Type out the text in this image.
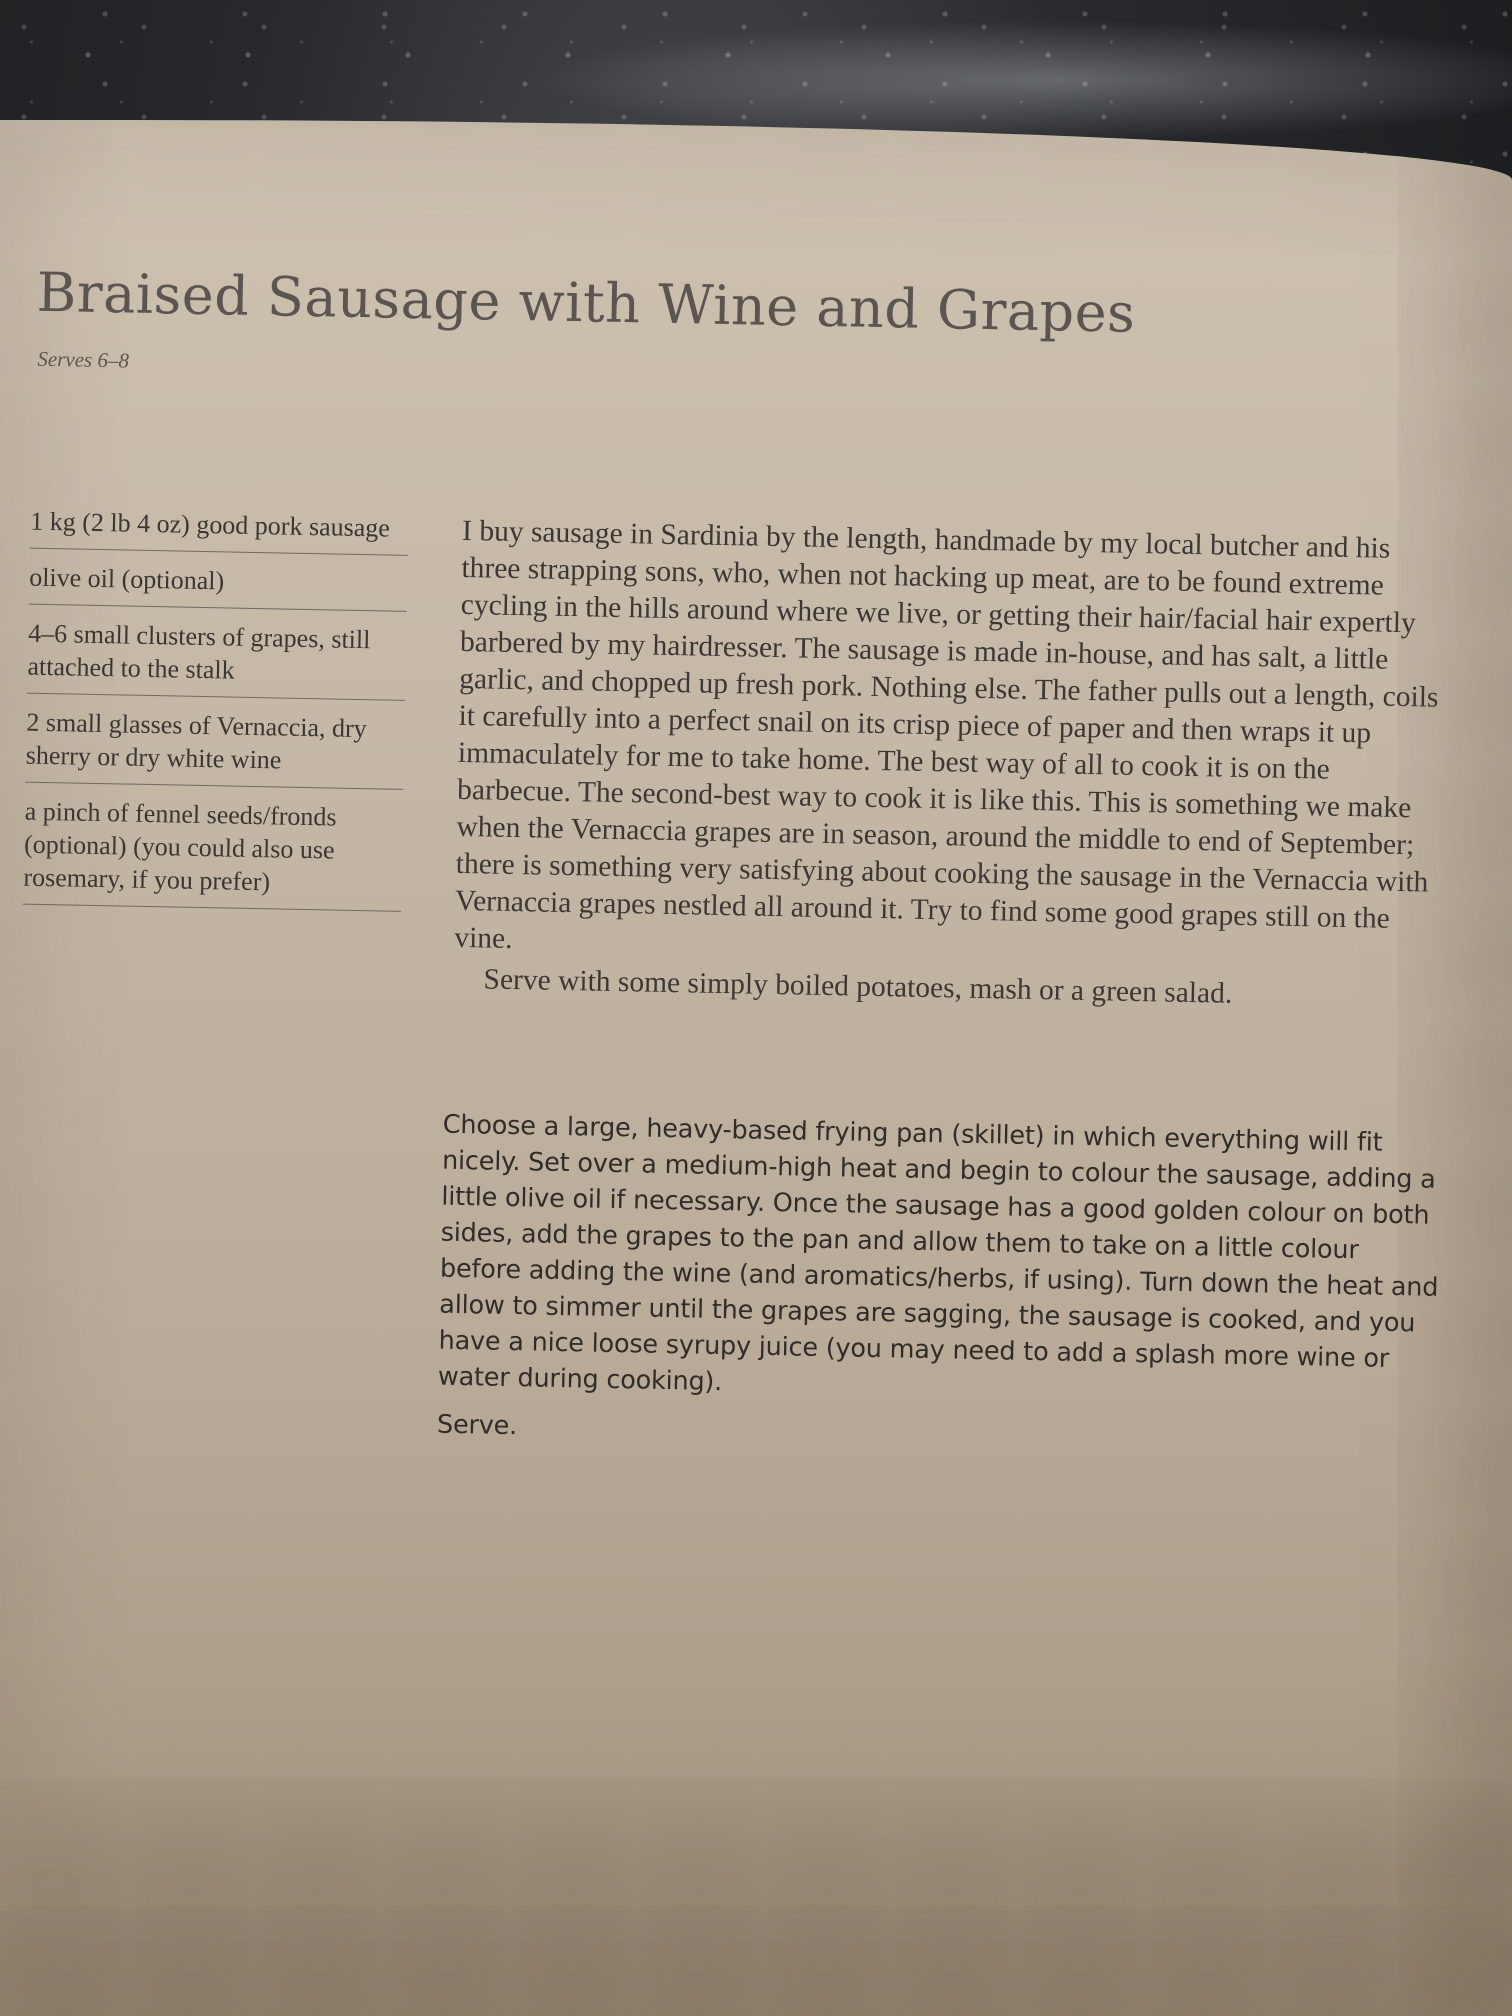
Braised Sausage with Wine and Grapes
Serves 6–8
1 kg (2 lb 4 oz) good pork sausage
olive oil (optional)
4–6 small clusters of grapes, still attached to the stalk
2 small glasses of Vernaccia, dry sherry or dry white wine
a pinch of fennel seeds/fronds (optional) (you could also use rosemary, if you prefer)

I buy sausage in Sardinia by the length, handmade by my local butcher and his three strapping sons, who, when not hacking up meat, are to be found extreme cycling in the hills around where we live, or getting their hair/facial hair expertly barbered by my hairdresser. The sausage is made in-house, and has salt, a little garlic, and chopped up fresh pork. Nothing else. The father pulls out a length, coils it carefully into a perfect snail on its crisp piece of paper and then wraps it up immaculately for me to take home. The best way of all to cook it is on the barbecue. The second-best way to cook it is like this. This is something we make when the Vernaccia grapes are in season, around the middle to end of September; there is something very satisfying about cooking the sausage in the Vernaccia with Vernaccia grapes nestled all around it. Try to find some good grapes still on the vine.

Serve with some simply boiled potatoes, mash or a green salad.

Choose a large, heavy-based frying pan (skillet) in which everything will fit nicely. Set over a medium-high heat and begin to colour the sausage, adding a little olive oil if necessary. Once the sausage has a good golden colour on both sides, add the grapes to the pan and allow them to take on a little colour before adding the wine (and aromatics/herbs, if using). Turn down the heat and allow to simmer until the grapes are sagging, the sausage is cooked, and you have a nice loose syrupy juice (you may need to add a splash more wine or water during cooking).

Serve.
